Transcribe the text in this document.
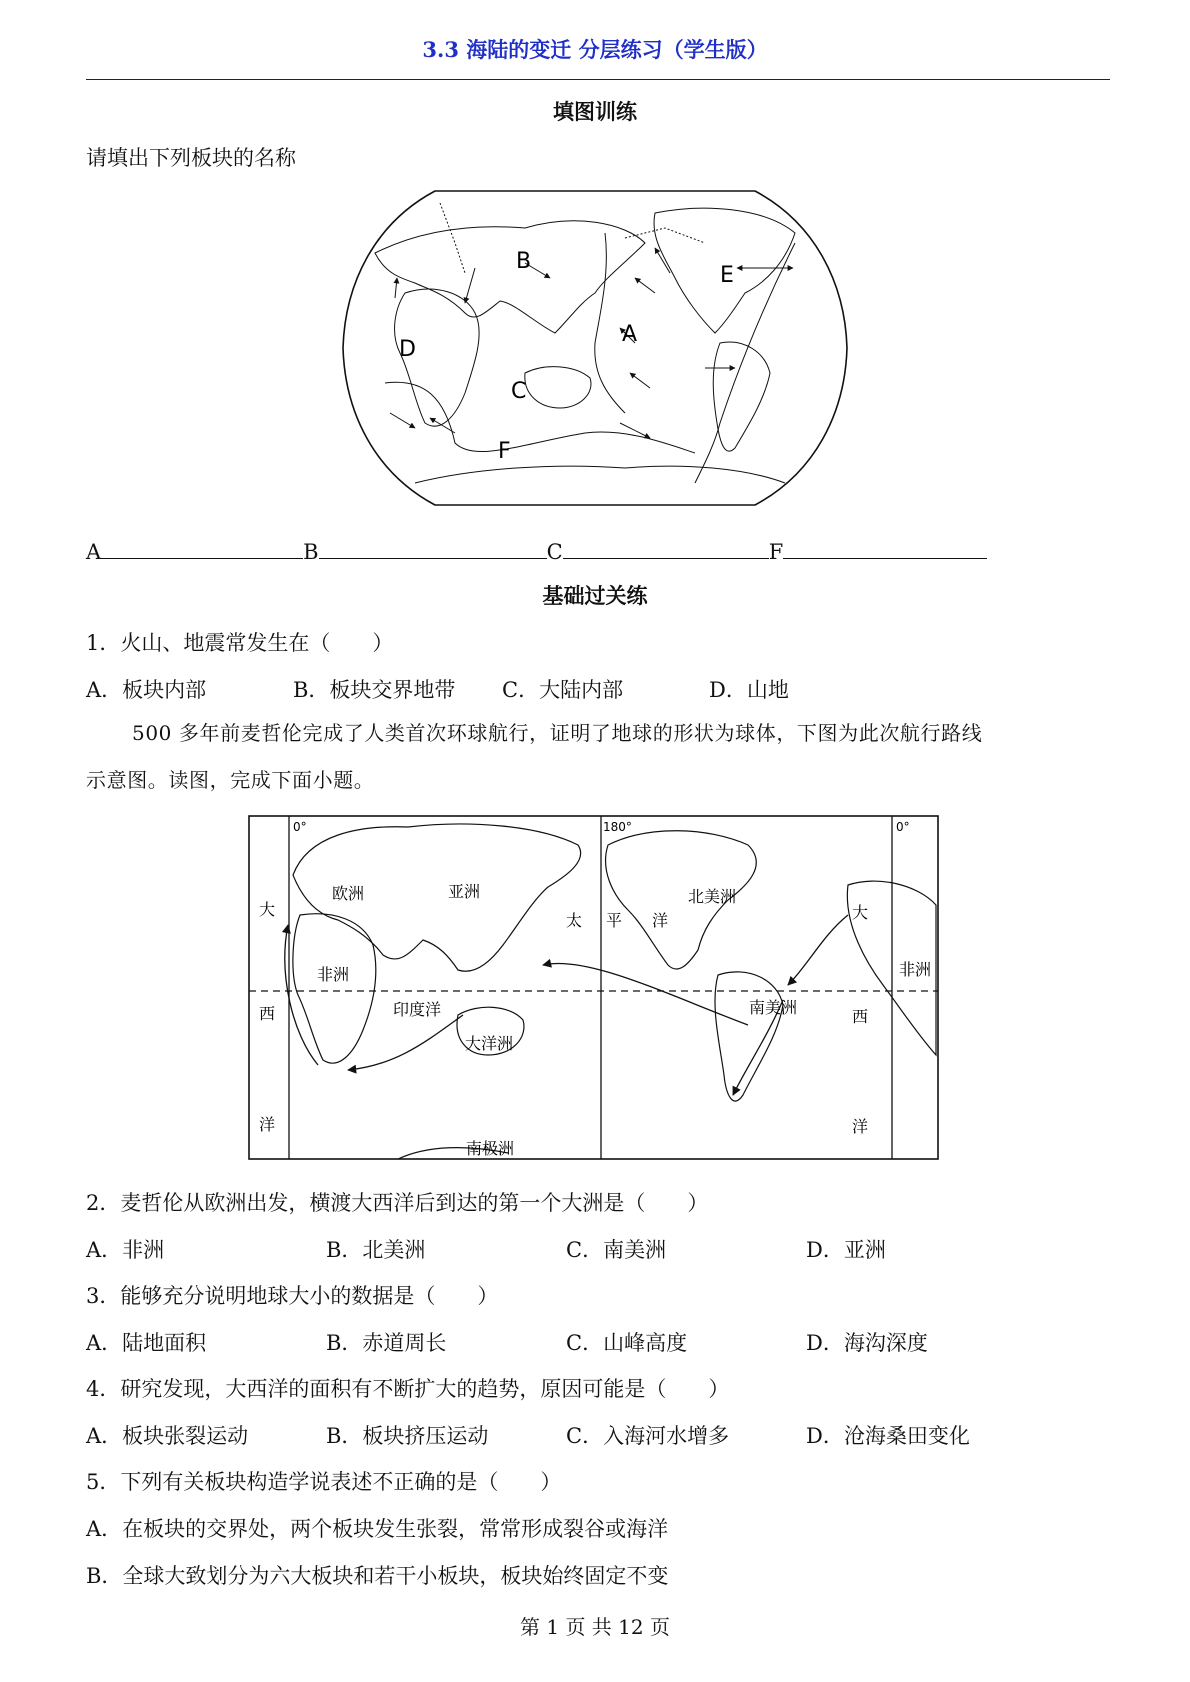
3.3 海陆的变迁 分层练习（学生版）
填图训练
请填出下列板块的名称
A
B
C
D
E
F
A	B	C	F
基础过关练
1．火山、地震常发生在（　　）
A．板块内部	B．板块交界地带 C．大陆内部	D．山地
500 多年前麦哲伦完成了人类首次环球航行，证明了地球的形状为球体，下图为此次航行路线
示意图。读图，完成下面小题。
0°	180°	0°
欧洲	亚洲
非洲
印度洋
大洋洲
南极洲
北美洲
南美洲
非洲
太 平 洋
大
西
洋
大
西
洋
2．麦哲伦从欧洲出发，横渡大西洋后到达的第一个大洲是（　　）
A．非洲	B．北美洲	C．南美洲	D．亚洲
3．能够充分说明地球大小的数据是（　　）
A．陆地面积	B．赤道周长	C．山峰高度	D．海沟深度
4．研究发现，大西洋的面积有不断扩大的趋势，原因可能是（　　）
A．板块张裂运动	B．板块挤压运动	C．入海河水增多	D．沧海桑田变化
5．下列有关板块构造学说表述不正确的是（　　）
A．在板块的交界处，两个板块发生张裂，常常形成裂谷或海洋
B．全球大致划分为六大板块和若干小板块，板块始终固定不变
第 1 页 共 12 页
